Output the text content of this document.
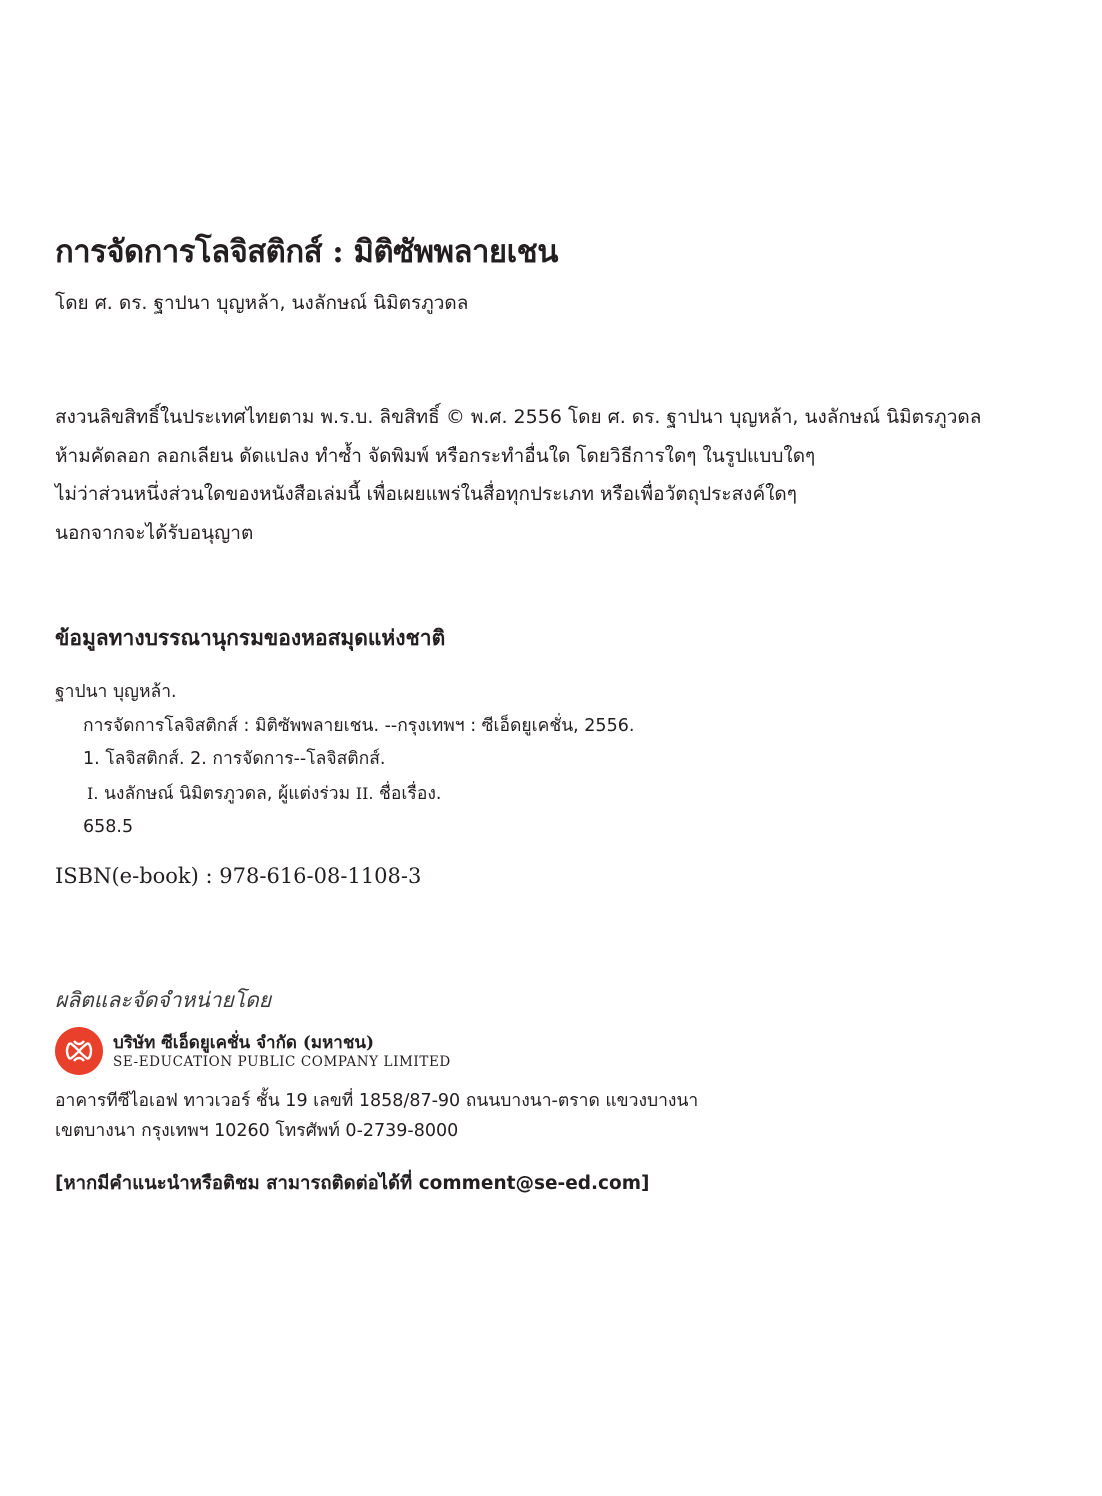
การจัดการโลจิสติกส์ : มิติซัพพลายเชน
โดย ศ. ดร. ฐาปนา บุญหล้า, นงลักษณ์ นิมิตรภูวดล
สงวนลิขสิทธิ์ในประเทศไทยตาม พ.ร.บ. ลิขสิทธิ์ © พ.ศ. 2556 โดย ศ. ดร. ฐาปนา บุญหล้า, นงลักษณ์ นิมิตรภูวดล
ห้ามคัดลอก ลอกเลียน ดัดแปลง ทำซ้ำ จัดพิมพ์ หรือกระทำอื่นใด โดยวิธีการใดๆ ในรูปแบบใดๆ
ไม่ว่าส่วนหนึ่งส่วนใดของหนังสือเล่มนี้ เพื่อเผยแพร่ในสื่อทุกประเภท หรือเพื่อวัตถุประสงค์ใดๆ
นอกจากจะได้รับอนุญาต
ข้อมูลทางบรรณานุกรมของหอสมุดแห่งชาติ
ฐาปนา บุญหล้า.
การจัดการโลจิสติกส์ : มิติซัพพลายเชน. --กรุงเทพฯ : ซีเอ็ดยูเคชั่น, 2556.
1. โลจิสติกส์. 2. การจัดการ--โลจิสติกส์.
I. นงลักษณ์ นิมิตรภูวดล, ผู้แต่งร่วม II. ชื่อเรื่อง.
658.5
ISBN(e-book) : 978-616-08-1108-3
ผลิตและจัดจำหน่ายโดย
บริษัท ซีเอ็ดยูเคชั่น จำกัด (มหาชน)
SE-EDUCATION PUBLIC COMPANY LIMITED
อาคารทีซีไอเอฟ ทาวเวอร์ ชั้น 19 เลขที่ 1858/87-90 ถนนบางนา-ตราด แขวงบางนา
เขตบางนา กรุงเทพฯ 10260 โทรศัพท์ 0-2739-8000
[หากมีคำแนะนำหรือติชม สามารถติดต่อได้ที่ comment@se-ed.com]
